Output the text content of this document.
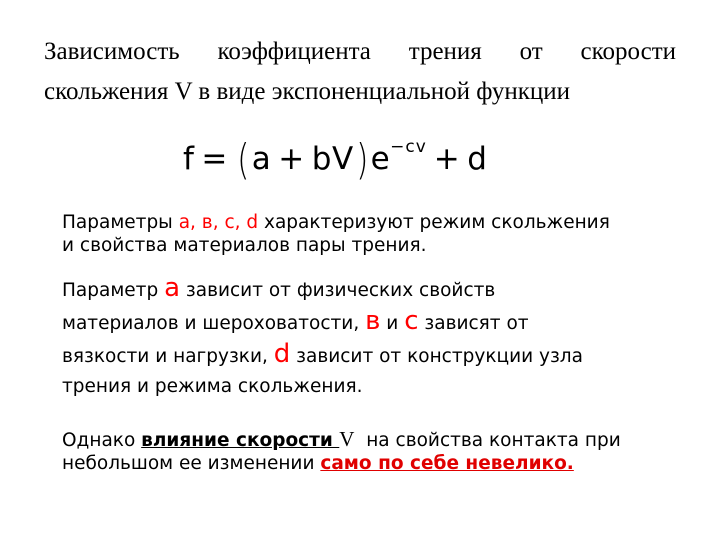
Зависимость коэффициента трения от скорости
скольжения V в виде экспоненциальной функции
$f = (a + bV)e^{-cv} + d$

Параметры a, в, c, d характеризуют режим скольжения
и свойства материалов пары трения.

Параметр а зависит от физических свойств
материалов и шероховатости, в и с зависят от
вязкости и нагрузки, d зависит от конструкции узла
трения и режима скольжения.

Однако влияние скорости V  на свойства контакта при
небольшом ее изменении само по себе невелико.
